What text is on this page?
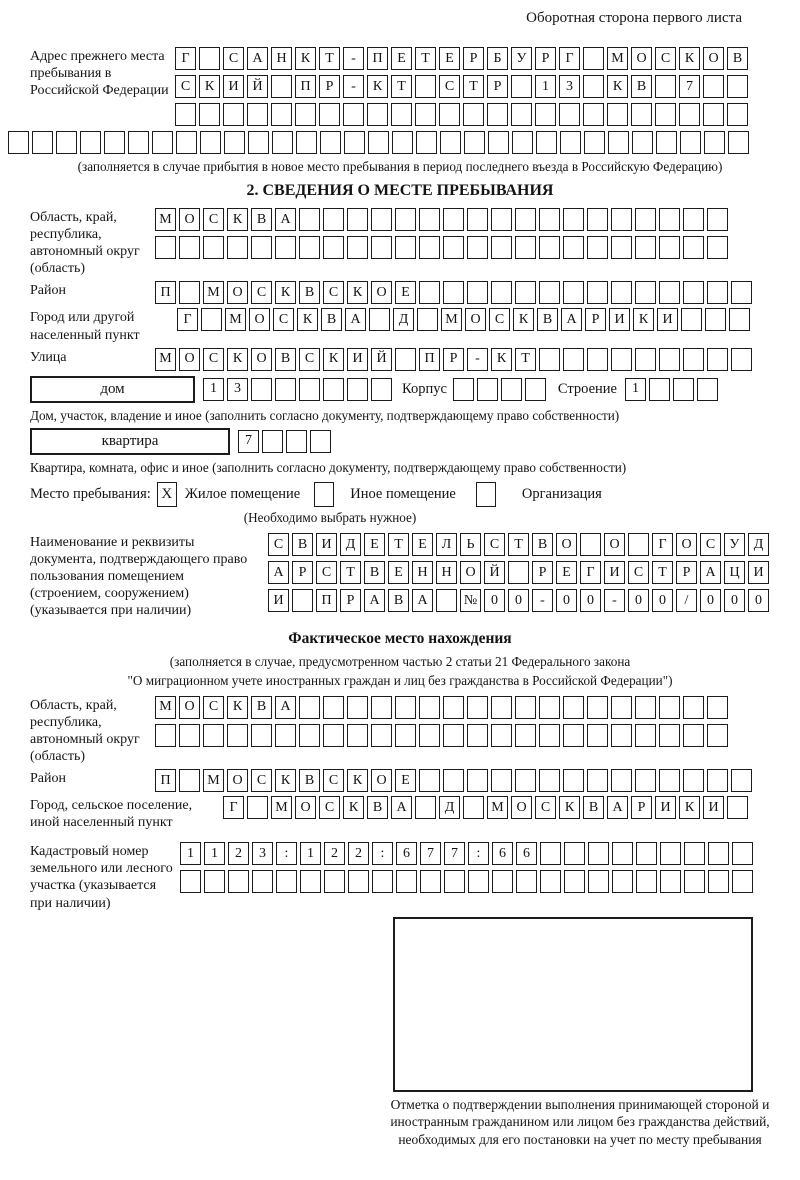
Оборотная сторона первого листа
Адрес прежнего места пребывания в Российской Федерации
Г	С	А Н	К	Т	-	П	Е	Т	Е	Р	Б	У	Р	Г	М О	С	К	О	В
С	К	И Й	П	Р	-	К	Т	С	Т	Р	1	3	К	В	7
(заполняется в случае прибытия в новое место пребывания в период последнего въезда в Российскую Федерацию)
2. СВЕДЕНИЯ О МЕСТЕ ПРЕБЫВАНИЯ
Область, край, республика, автономный округ (область)
М О	С	К	В	А
Район	П	М О	С	К	В	С	К	О	Е
Город или другой населенный пункт
Г	М О	С	К	В	А	Д	М О	С	К	В	А	Р	И	К	И
Улица	М О	С	К	О	В	С	К	И Й	П	Р	-	К	Т
дом	1	3	Корпус	Строение	1
Дом, участок, владение и иное (заполнить согласно документу, подтверждающему право собственности)
квартира	7
Квартира, комната, офис и иное (заполнить согласно документу, подтверждающему право собственности)
Место пребывания: X Жилое помещение	Иное помещение	Организация
(Необходимо выбрать нужное)
Наименование и реквизиты документа, подтверждающего право пользования помещением (строением, сооружением) (указывается при наличии)
С	В	И	Д	Е	Т	Е	Л	Ь	С	Т	В	О	О	Г	О	С	У	Д
А	Р	С	Т	В	Е	Н Н О Й	Р	Е	Г	И	С	Т	Р	А Ц И
И	П	Р	А	В	А	№ 0	0	-	0	0	-	0	0	/	0	0	0
Фактическое место нахождения
(заполняется в случае, предусмотренном частью 2 статьи 21 Федерального закона
"О миграционном учете иностранных граждан и лиц без гражданства в Российской Федерации")
Область, край, республика, автономный округ (область)
М О	С	К	В	А
Район	П	М О	С	К	В	С	К	О	Е
Город, сельское поселение, иной населенный пункт
Г	М О	С	К	В	А	Д	М О	С	К	В	А	Р	И	К	И
Кадастровый номер земельного или лесного участка (указывается при наличии)
1	1	2	3	:	1	2	2	:	6	7	7	:	6	6
Отметка о подтверждении выполнения принимающей стороной и иностранным гражданином или лицом без гражданства действий, необходимых для его постановки на учет по месту пребывания
